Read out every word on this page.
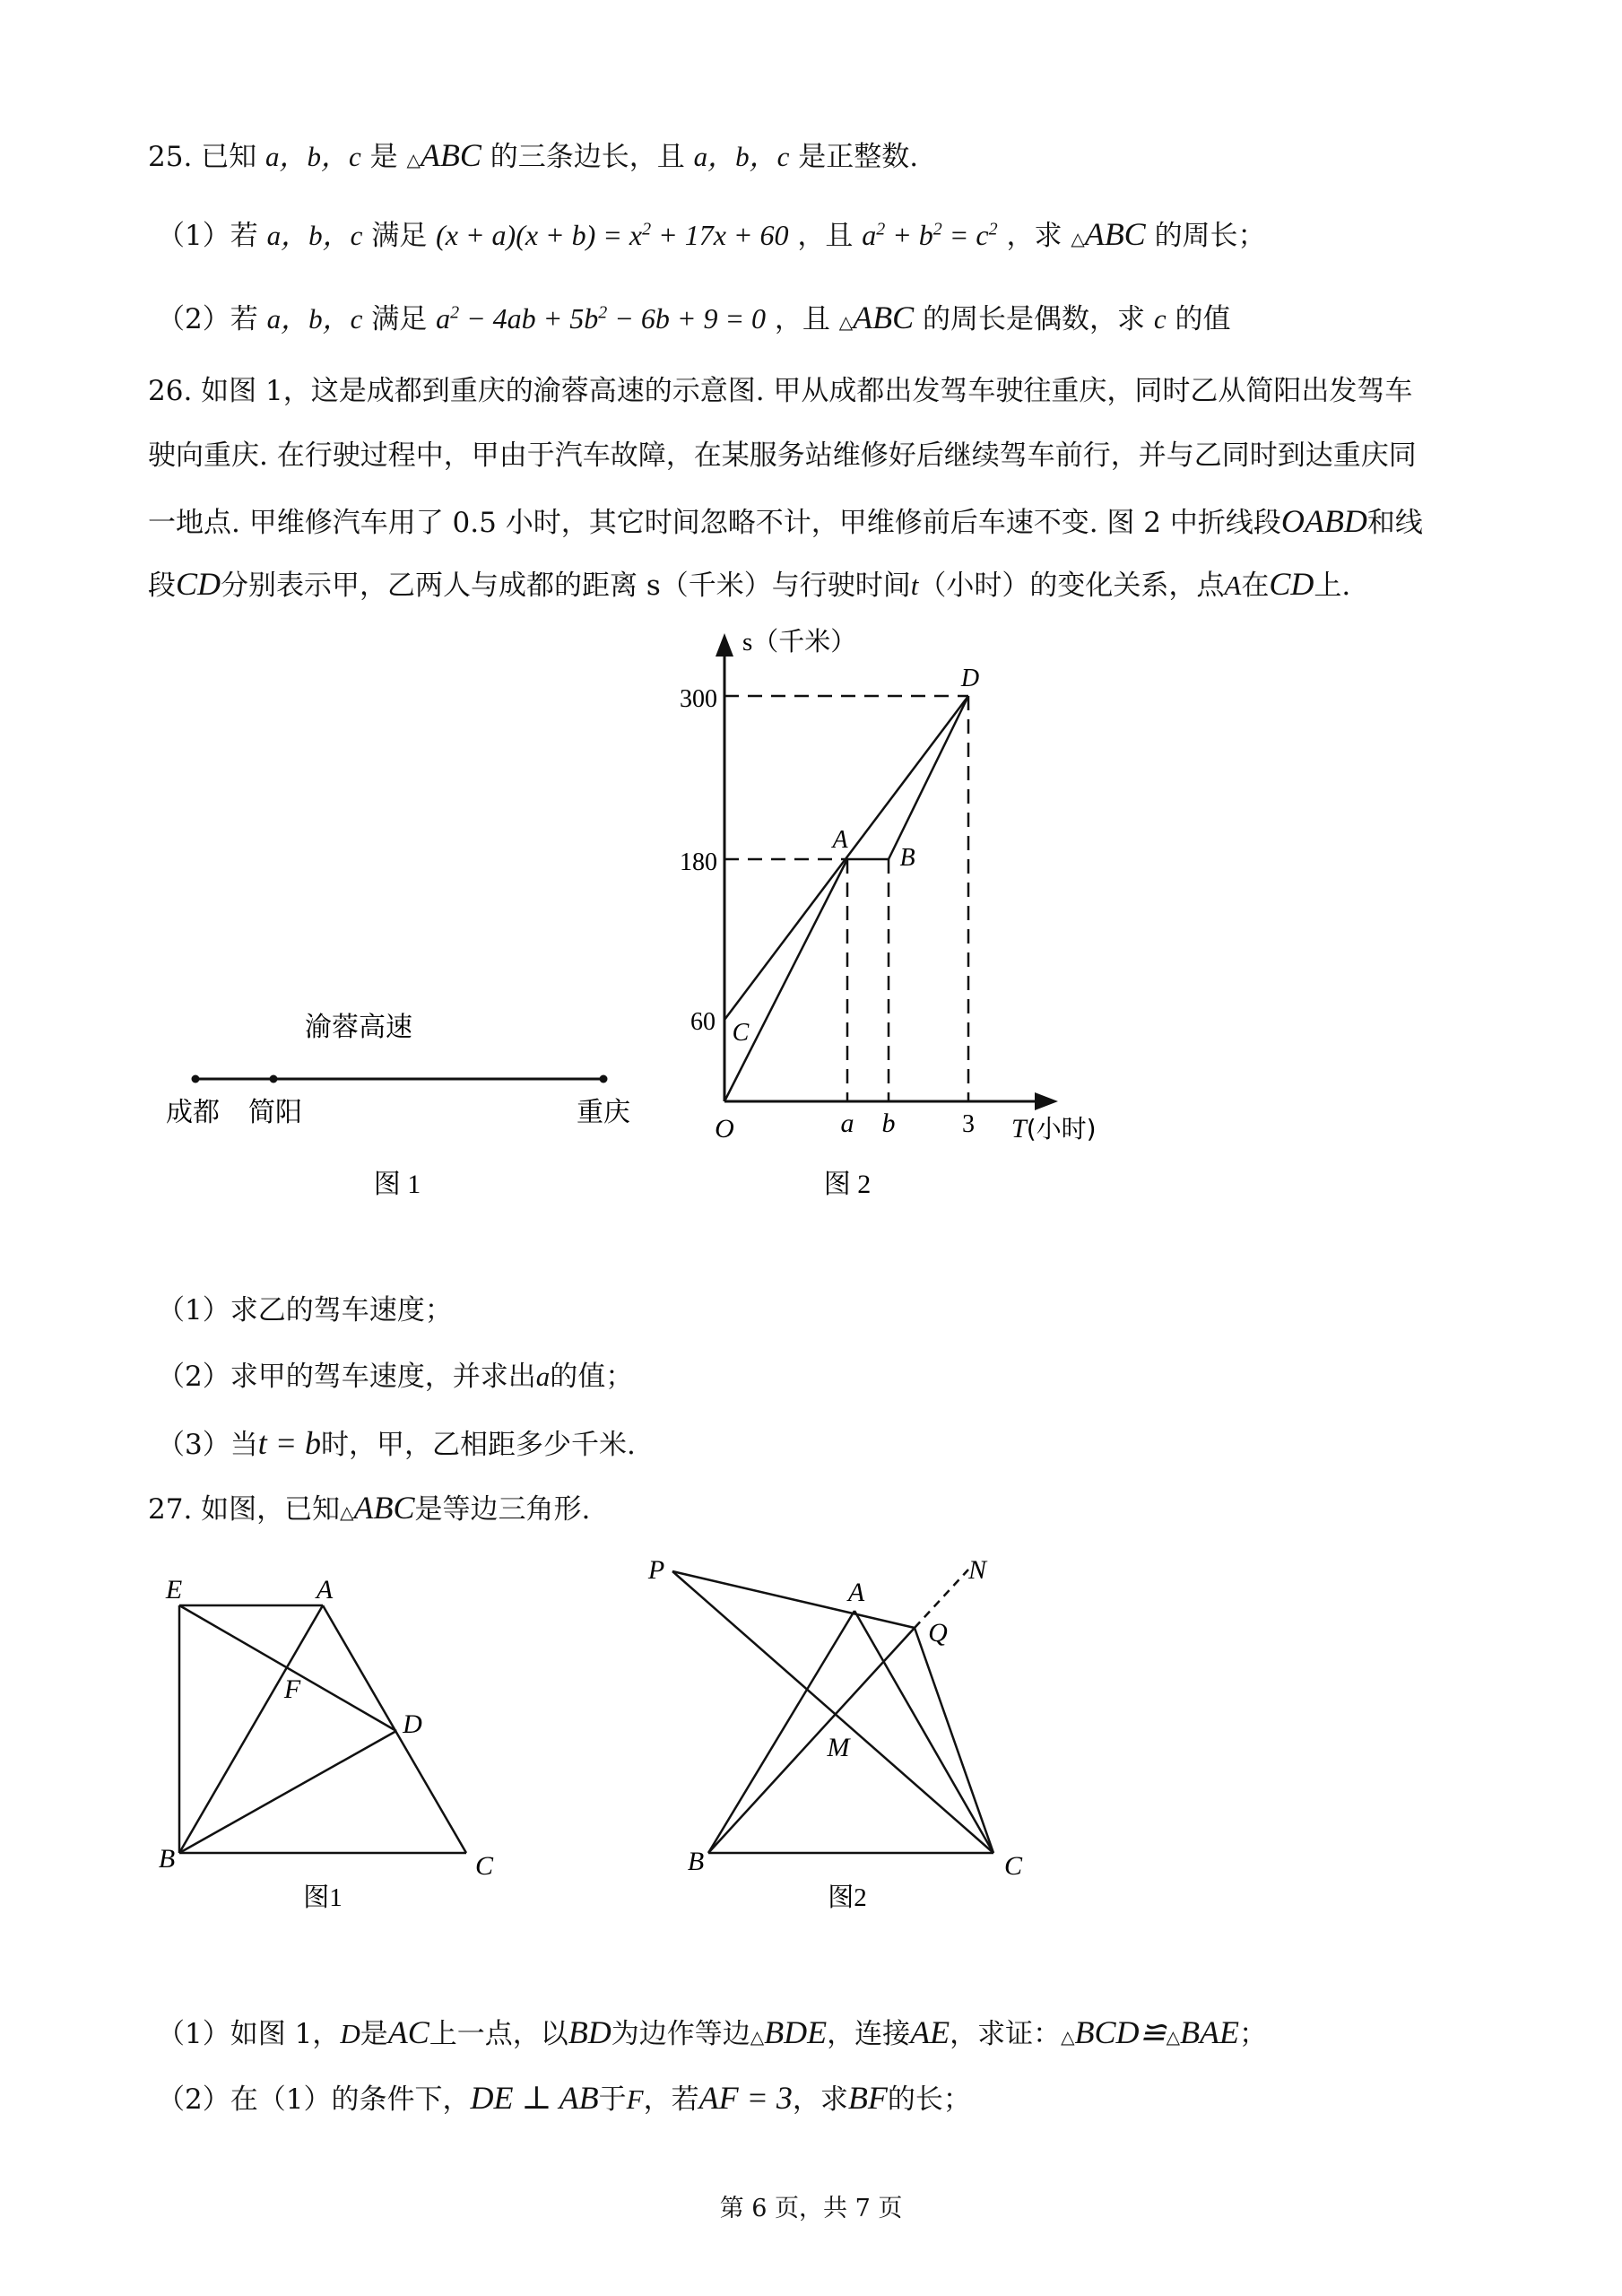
25. 已知 a，b，c 是 △ABC 的三条边长，且 a，b，c 是正整数.
（1）若 a，b，c 满足 $(x + a)(x + b) = x^2 + 17x + 60$ ，且 $a^2 + b^2 = c^2$ ，求 △ABC 的周长；
（2）若 a，b，c 满足 $a^2 - 4ab + 5b^2 - 6b + 9 = 0$ ，且 △ABC 的周长是偶数，求 c 的值
26. 如图 1，这是成都到重庆的渝蓉高速的示意图. 甲从成都出发驾车驶往重庆，同时乙从简阳出发驾车
驶向重庆. 在行驶过程中，甲由于汽车故障，在某服务站维修好后继续驾车前行，并与乙同时到达重庆同
一地点. 甲维修汽车用了 0.5 小时，其它时间忽略不计，甲维修前后车速不变. 图 2 中折线段OABD和线
段CD分别表示甲，乙两人与成都的距离 s（千米）与行驶时间t（小时）的变化关系，点A在CD上.
渝蓉高速
成都 简阳	重庆
图 1
s（千米）
300
180
60
O	a b	3 T(小时)
A
B
C
D
图 2
（1）求乙的驾车速度；
（2）求甲的驾车速度，并求出a的值；
（3）当t = b时，甲，乙相距多少千米.
27. 如图，已知△ABC是等边三角形.
E	A
F
D
B	C
图1
P
A
N
Q
M
B	C
图2
（1）如图 1，D是AC上一点，以BD为边作等边△BDE，连接AE，求证：△BCD≌△BAE；
（2）在（1）的条件下，DE ⊥ AB于F，若AF = 3，求BF的长；
第 6 页，共 7 页
